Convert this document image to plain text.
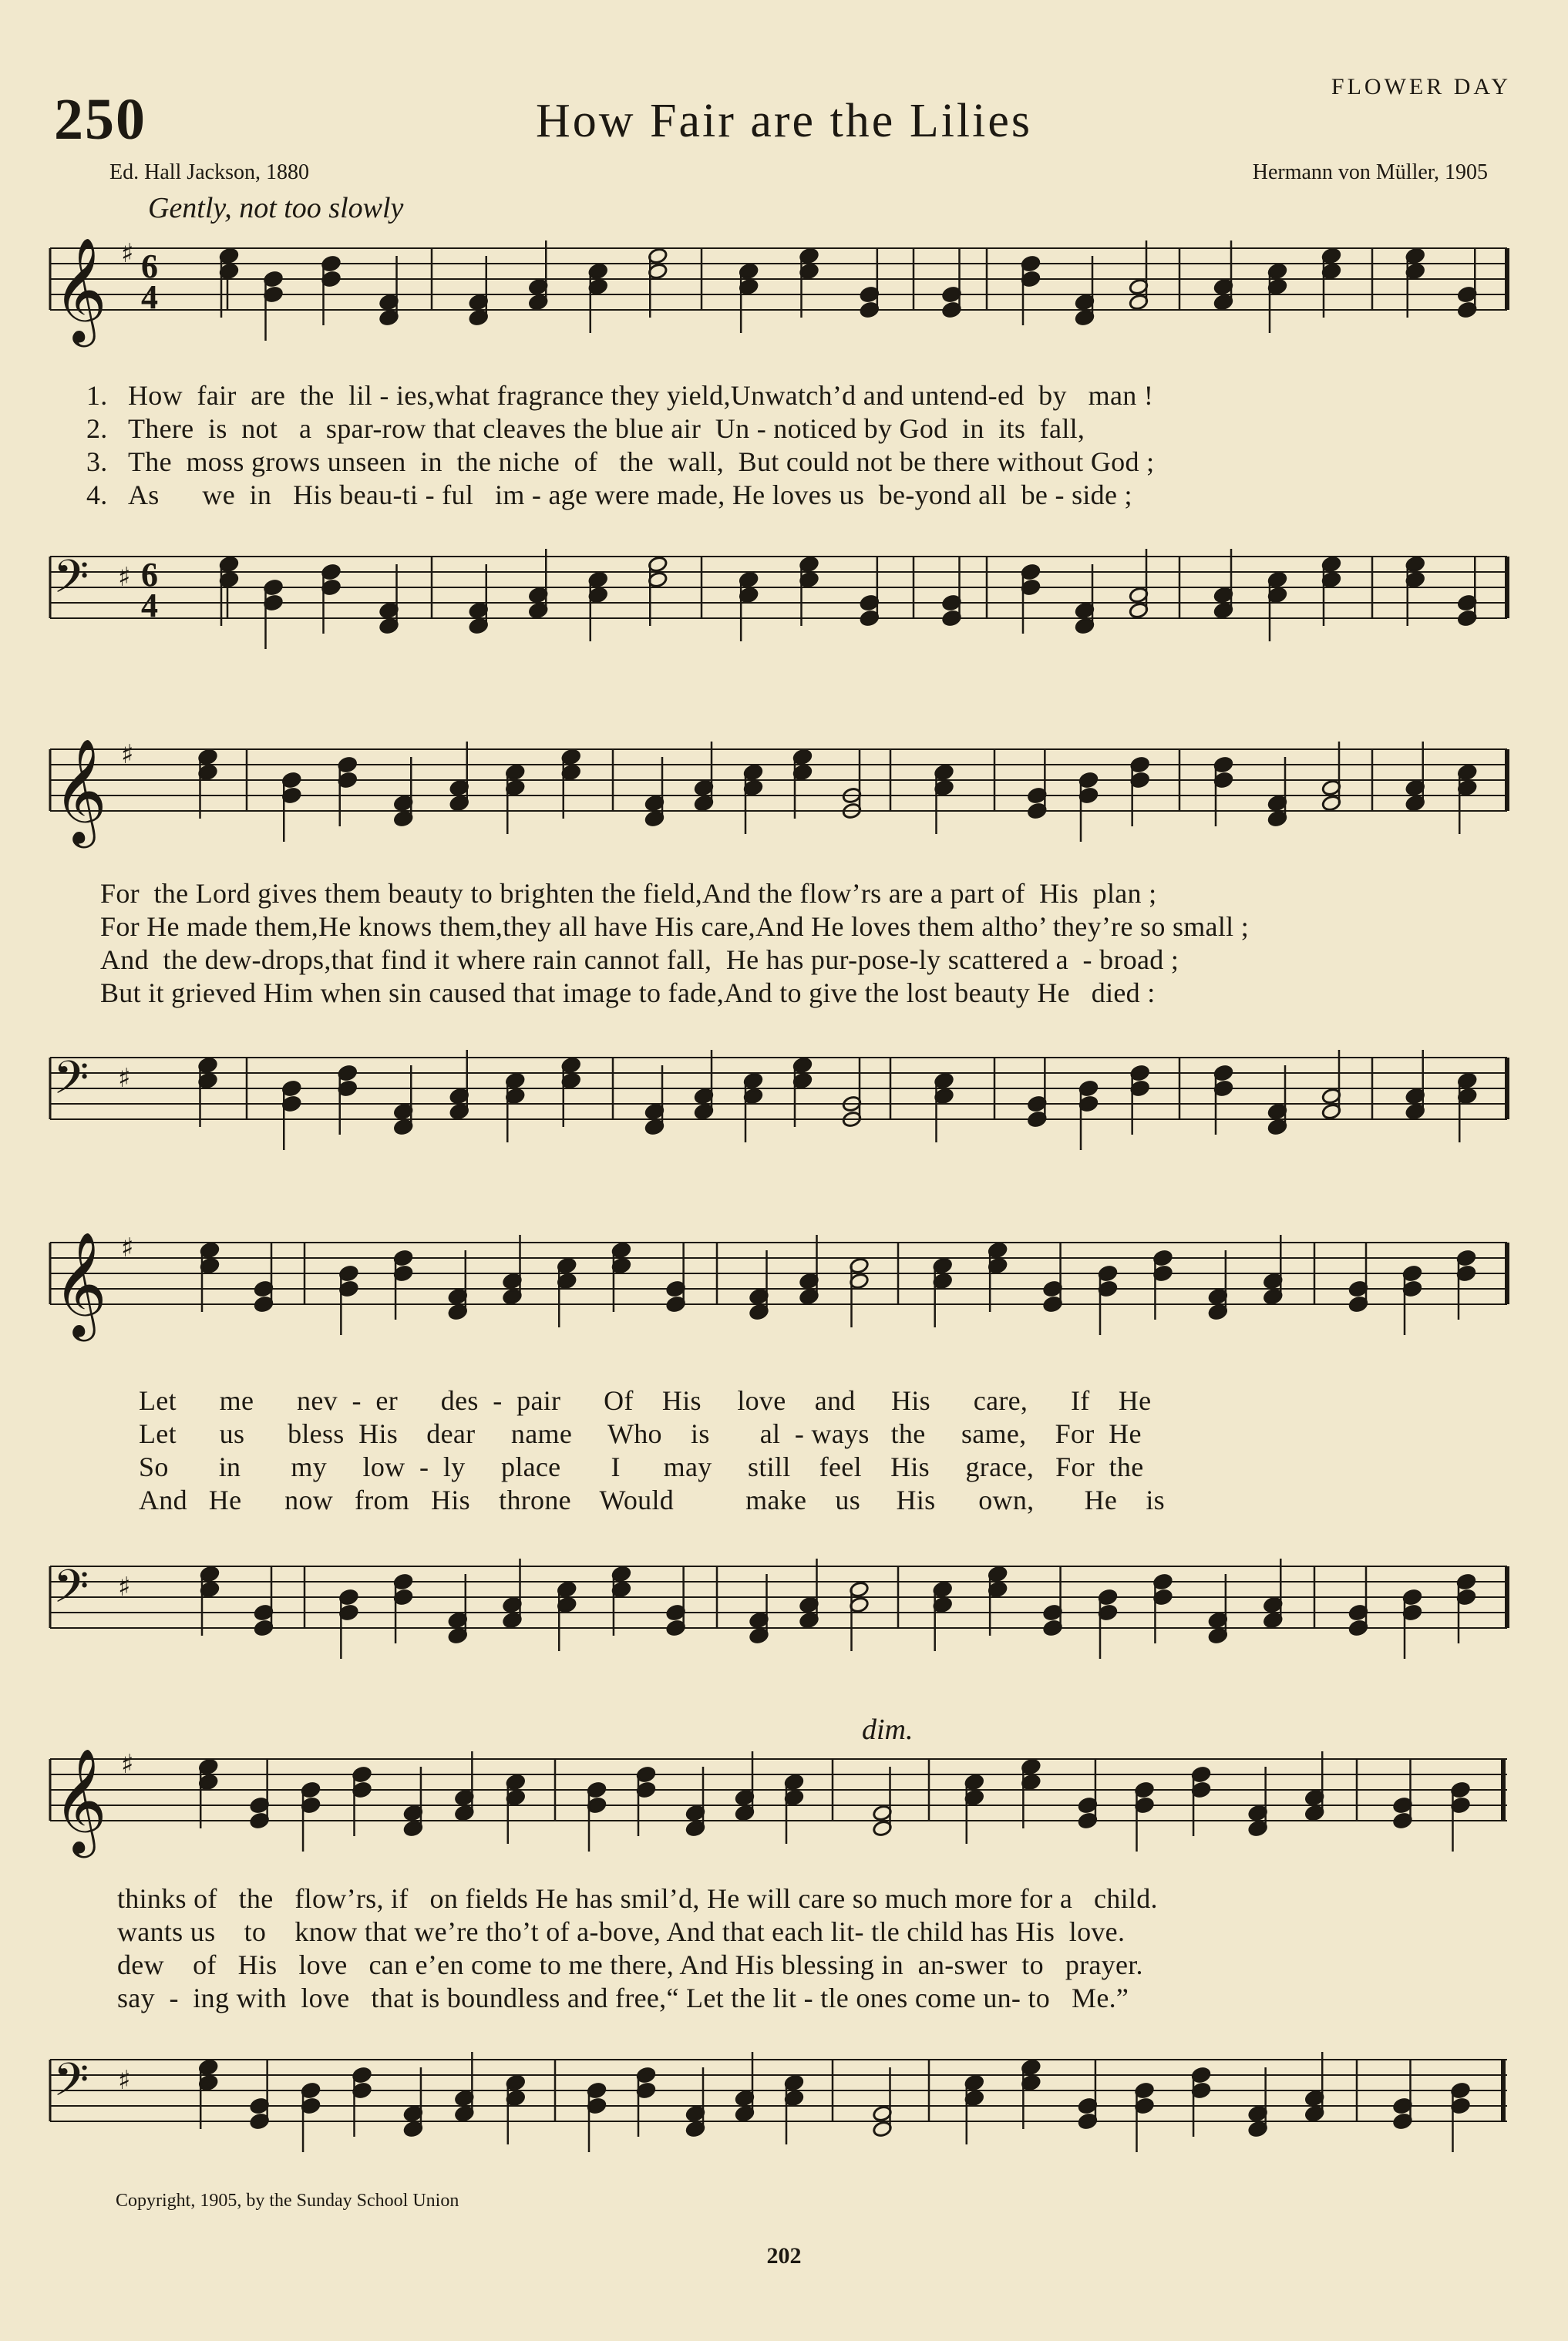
250	How Fair are the Lilies
FLOWER DAY
Ed. Hall Jackson, 1880	Hermann von Müller, 1905
Gently, not too slowly
dim.
𝄞 ♯ 6
4
1. How  fair  are  the  lil - ies,what fragrance they yield,Unwatch’d and untend-ed  by   man !
2. There  is  not   a  spar-row that cleaves the blue air  Un - noticed by God  in  its  fall,
3. The  moss grows unseen  in  the niche  of   the  wall,  But could not be there without God ;
4. As      we  in   His beau-ti - ful   im - age were made, He loves us  be-yond all  be - side ;
𝄢 ♯ 6
4
𝄞 ♯
For  the Lord gives them beauty to brighten the field,And the flow’rs are a part of  His  plan ;
For He made them,He knows them,they all have His care,And He loves them altho’ they’re so small ;
And  the dew-drops,that find it where rain cannot fall,  He has pur-pose-ly scattered a  - broad ;
But it grieved Him when sin caused that image to fade,And to give the lost beauty He   died :
𝄢 ♯
𝄞 ♯
Let      me      nev  -  er      des  -  pair      Of    His     love    and     His      care,      If    He
Let      us      bless  His    dear     name     Who    is       al  - ways   the     same,    For  He
So       in       my     low  -  ly     place       I      may     still    feel    His     grace,   For  the
And   He      now   from   His    throne    Would          make    us     His      own,       He    is
𝄢 ♯
𝄞 ♯
thinks of   the   flow’rs, if   on fields He has smil’d, He will care so much more for a   child.
wants us    to    know that we’re tho’t of a-bove, And that each lit- tle child has His  love.
dew    of   His   love   can e’en come to me there, And His blessing in  an-swer  to   prayer.
say  -  ing with  love   that is boundless and free,“ Let the lit - tle ones come un- to   Me.”
𝄢 ♯
Copyright, 1905, by the Sunday School Union
202
